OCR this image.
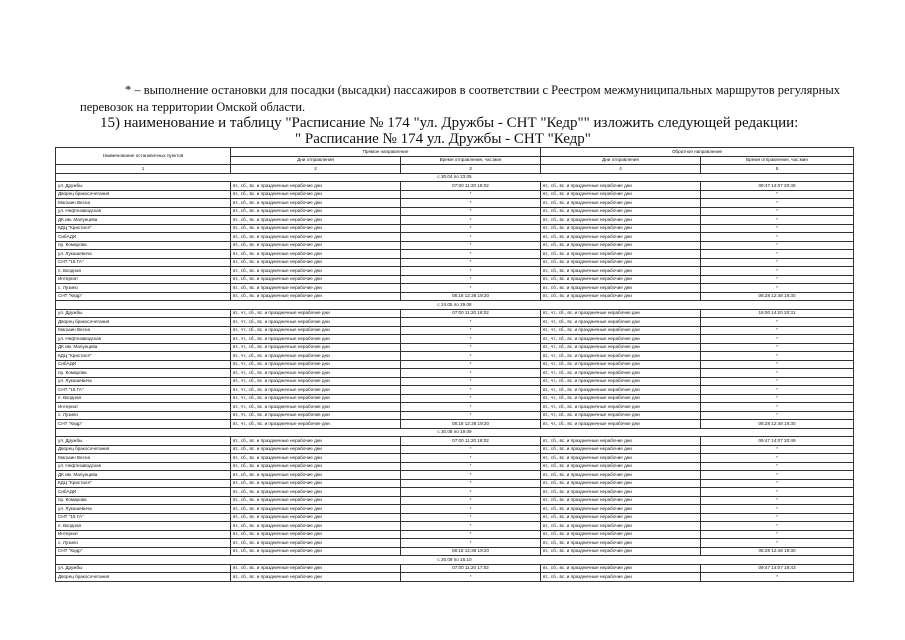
* – выполнение остановки для посадки (высадки) пассажиров в соответствии с Реестром межмуниципальных маршрутов регулярных перевозок на территории Омской области.
15) наименование и таблицу "Расписание № 174 "ул. Дружбы - СНТ "Кедр"" изложить следующей редакции:
" Расписание № 174 ул. Дружбы - СНТ "Кедр"
Наименование остановочных пунктов	Прямое направление		Обратное направление	
	Дни отправления	Время отправления, час:мин	Дни отправления	Время отправления, час:мин
1	2	3	4	5
с 30.04 по 23.05				
ул. Дружбы	вт., сб., вс. и праздничные нерабочие дни	07:00 11:20 18:02	вт., сб., вс. и праздничные нерабочие дни	09:47 14:07 20:49
Дворец бракосочетания	вт., сб., вс. и праздничные нерабочие дни	*	вт., сб., вс. и праздничные нерабочие дни	*
Магазин Весна	вт., сб., вс. и праздничные нерабочие дни	*	вт., сб., вс. и праздничные нерабочие дни	*
ул. Нефтезаводская	вт., сб., вс. и праздничные нерабочие дни	*	вт., сб., вс. и праздничные нерабочие дни	*
ДК им. Малунцева	вт., сб., вс. и праздничные нерабочие дни	*	вт., сб., вс. и праздничные нерабочие дни	*
КДЦ "Кристалл"	вт., сб., вс. и праздничные нерабочие дни	*	вт., сб., вс. и праздничные нерабочие дни	*
СибАДИ	вт., сб., вс. и праздничные нерабочие дни	*	вт., сб., вс. и праздничные нерабочие дни	*
пр. Комарова	вт., сб., вс. и праздничные нерабочие дни	*	вт., сб., вс. и праздничные нерабочие дни	*
ул. Лукашевича	вт., сб., вс. и праздничные нерабочие дни	*	вт., сб., вс. и праздничные нерабочие дни	*
СНТ "15 ГА"	вт., сб., вс. и праздничные нерабочие дни	*	вт., сб., вс. и праздничные нерабочие дни	*
п. Входная	вт., сб., вс. и праздничные нерабочие дни	*	вт., сб., вс. и праздничные нерабочие дни	*
Интернат	вт., сб., вс. и праздничные нерабочие дни	*	вт., сб., вс. и праздничные нерабочие дни	*
с. Лузино	вт., сб., вс. и праздничные нерабочие дни	*	вт., сб., вс. и праздничные нерабочие дни	*
СНТ "Кедр"	вт., сб., вс. и праздничные нерабочие дни	08:18 12:38 19:20	вт., сб., вс. и праздничные нерабочие дни	08:28 12:48 19:30
с 24.05 по 29.08				
ул. Дружбы	вт., чт., сб., вс. и праздничные нерабочие дни	07:00 11:20 18:02	вт., чт., сб., вс. и праздничные нерабочие дни	16:00 14:20 20:31
Дворец бракосочетания	вт., чт., сб., вс. и праздничные нерабочие дни	*	вт., чт., сб., вс. и праздничные нерабочие дни	*
Магазин Весна	вт., чт., сб., вс. и праздничные нерабочие дни	*	вт., чт., сб., вс. и праздничные нерабочие дни	*
ул. Нефтезаводская	вт., чт., сб., вс. и праздничные нерабочие дни	*	вт., чт., сб., вс. и праздничные нерабочие дни	*
ДК им. Малунцева	вт., чт., сб., вс. и праздничные нерабочие дни	*	вт., чт., сб., вс. и праздничные нерабочие дни	*
КДЦ "Кристалл"	вт., чт., сб., вс. и праздничные нерабочие дни	*	вт., чт., сб., вс. и праздничные нерабочие дни	*
СибАДИ	вт., чт., сб., вс. и праздничные нерабочие дни	*	вт., чт., сб., вс. и праздничные нерабочие дни	*
пр. Комарова	вт., чт., сб., вс. и праздничные нерабочие дни	*	вт., чт., сб., вс. и праздничные нерабочие дни	*
ул. Лукашевича	вт., чт., сб., вс. и праздничные нерабочие дни	*	вт., чт., сб., вс. и праздничные нерабочие дни	*
СНТ "15 ГА"	вт., чт., сб., вс. и праздничные нерабочие дни	*	вт., чт., сб., вс. и праздничные нерабочие дни	*
п. Входная	вт., чт., сб., вс. и праздничные нерабочие дни	*	вт., чт., сб., вс. и праздничные нерабочие дни	*
Интернат	вт., чт., сб., вс. и праздничные нерабочие дни	*	вт., чт., сб., вс. и праздничные нерабочие дни	*
с. Лузино	вт., чт., сб., вс. и праздничные нерабочие дни	*	вт., чт., сб., вс. и праздничные нерабочие дни	*
СНТ "Кедр"	вт., чт., сб., вс. и праздничные нерабочие дни	08:18 12:38 19:20	вт., чт., сб., вс. и праздничные нерабочие дни	08:28 12:48 19:30
с 30.08 по 19.09				
ул. Дружбы	вт., сб., вс. и праздничные нерабочие дни	07:00 11:20 18:02	вт., сб., вс. и праздничные нерабочие дни	09:47 14:07 20:49
Дворец бракосочетания	вт., сб., вс. и праздничные нерабочие дни	*	вт., сб., вс. и праздничные нерабочие дни	*
Магазин Весна	вт., сб., вс. и праздничные нерабочие дни	*	вт., сб., вс. и праздничные нерабочие дни	*
ул. Нефтезаводская	вт., сб., вс. и праздничные нерабочие дни	*	вт., сб., вс. и праздничные нерабочие дни	*
ДК им. Малунцева	вт., сб., вс. и праздничные нерабочие дни	*	вт., сб., вс. и праздничные нерабочие дни	*
КДЦ "Кристалл"	вт., сб., вс. и праздничные нерабочие дни	*	вт., сб., вс. и праздничные нерабочие дни	*
СибАДИ	вт., сб., вс. и праздничные нерабочие дни	*	вт., сб., вс. и праздничные нерабочие дни	*
пр. Комарова	вт., сб., вс. и праздничные нерабочие дни	*	вт., сб., вс. и праздничные нерабочие дни	*
ул. Лукашевича	вт., сб., вс. и праздничные нерабочие дни	*	вт., сб., вс. и праздничные нерабочие дни	*
СНТ "15 ГА"	вт., сб., вс. и праздничные нерабочие дни	*	вт., сб., вс. и праздничные нерабочие дни	*
п. Входная	вт., сб., вс. и праздничные нерабочие дни	*	вт., сб., вс. и праздничные нерабочие дни	*
Интернат	вт., сб., вс. и праздничные нерабочие дни	*	вт., сб., вс. и праздничные нерабочие дни	*
с. Лузино	вт., сб., вс. и праздничные нерабочие дни	*	вт., сб., вс. и праздничные нерабочие дни	*
СНТ "Кедр"	вт., сб., вс. и праздничные нерабочие дни	08:18 12:38 19:20	вт., сб., вс. и праздничные нерабочие дни	08:28 12:48 19:30
с 20.09 по 16.10				
ул. Дружбы	вт., сб., вс. и праздничные нерабочие дни	07:00 11:20 17:02	вт., сб., вс. и праздничные нерабочие дни	09:47 14:07 19:43
Дворец бракосочетания	вт., сб., вс. и праздничные нерабочие дни	*	вт., сб., вс. и праздничные нерабочие дни	*
